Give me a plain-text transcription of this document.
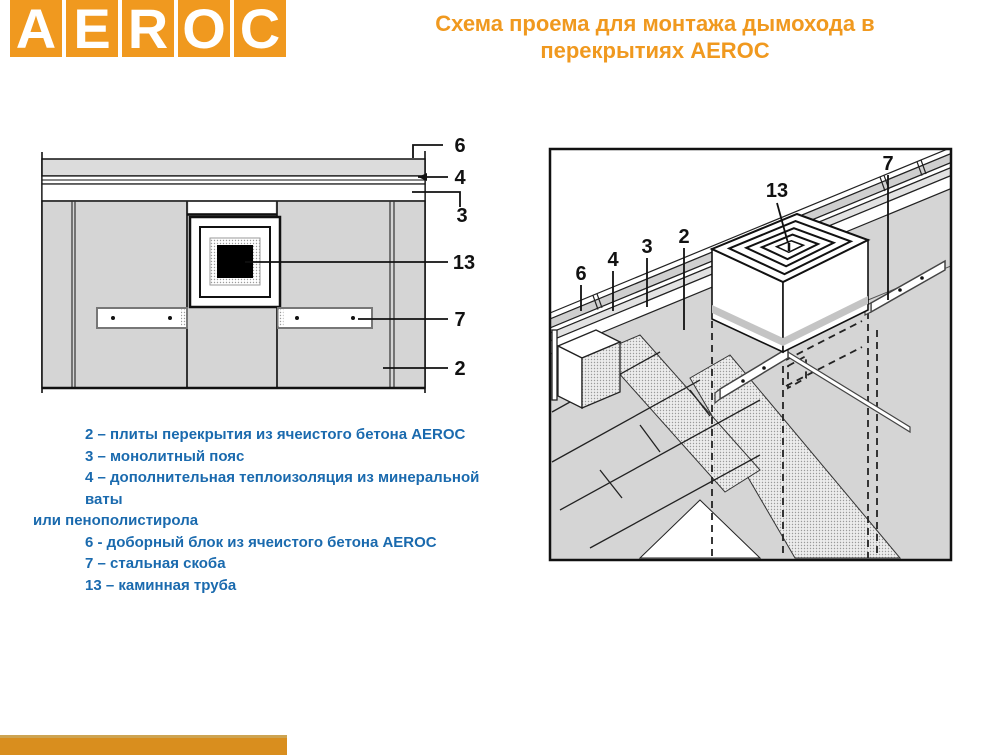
A E R O C	Схема проема для монтажа дымохода в
перекрытиях AEROC
6
4
3
13
7
2
13
7
6
4
3 2
2 – плиты перекрытия из ячеистого бетона AEROC
3 – монолитный пояс
4 – дополнительная теплоизоляция из минеральной ваты
или пенополистирола
6 - доборный блок из ячеистого бетона AEROC
7 – стальная скоба
13 – каминная труба
